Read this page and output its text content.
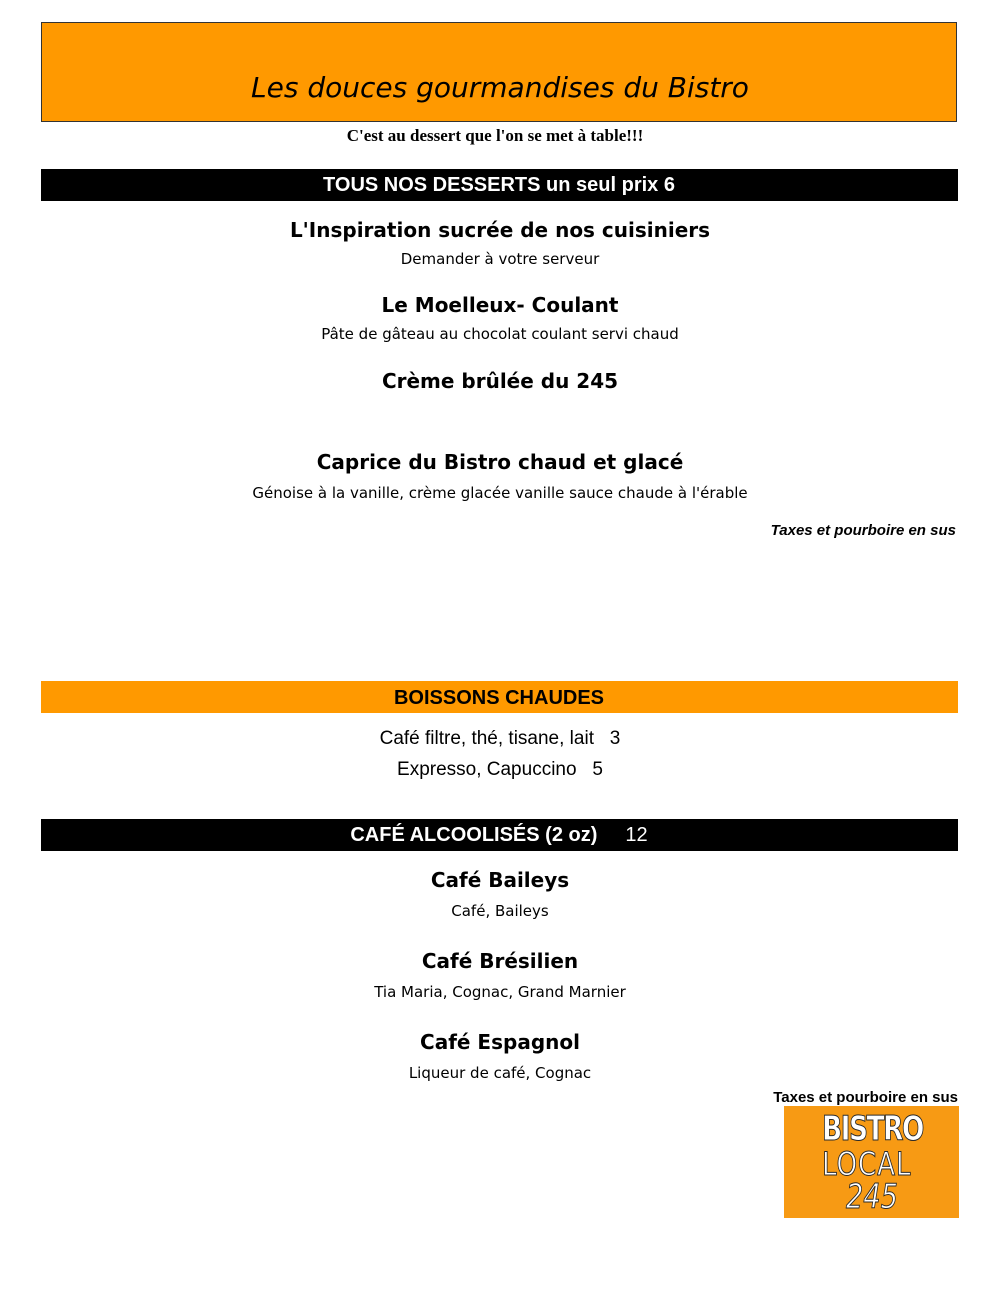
Les douces gourmandises du Bistro
C'est au dessert que l'on se met à table!!!
TOUS NOS DESSERTS un seul prix 6
L'Inspiration sucrée de nos cuisiniers
Demander à votre serveur
Le Moelleux- Coulant
Pâte de gâteau au chocolat coulant servi chaud
Crème brûlée du 245
Caprice du Bistro chaud et glacé
Génoise à la vanille, crème glacée vanille sauce chaude à l'érable
Taxes et pourboire en sus
BOISSONS CHAUDES
Café filtre, thé, tisane, lait   3
Expresso, Capuccino   5
CAFÉ ALCOOLISÉS (2 oz) 12
Café Baileys
Café, Baileys
Café Brésilien
Tia Maria, Cognac, Grand Marnier
Café Espagnol
Liqueur de café, Cognac
Taxes et pourboire en sus
BISTRO
LOCAL
245
